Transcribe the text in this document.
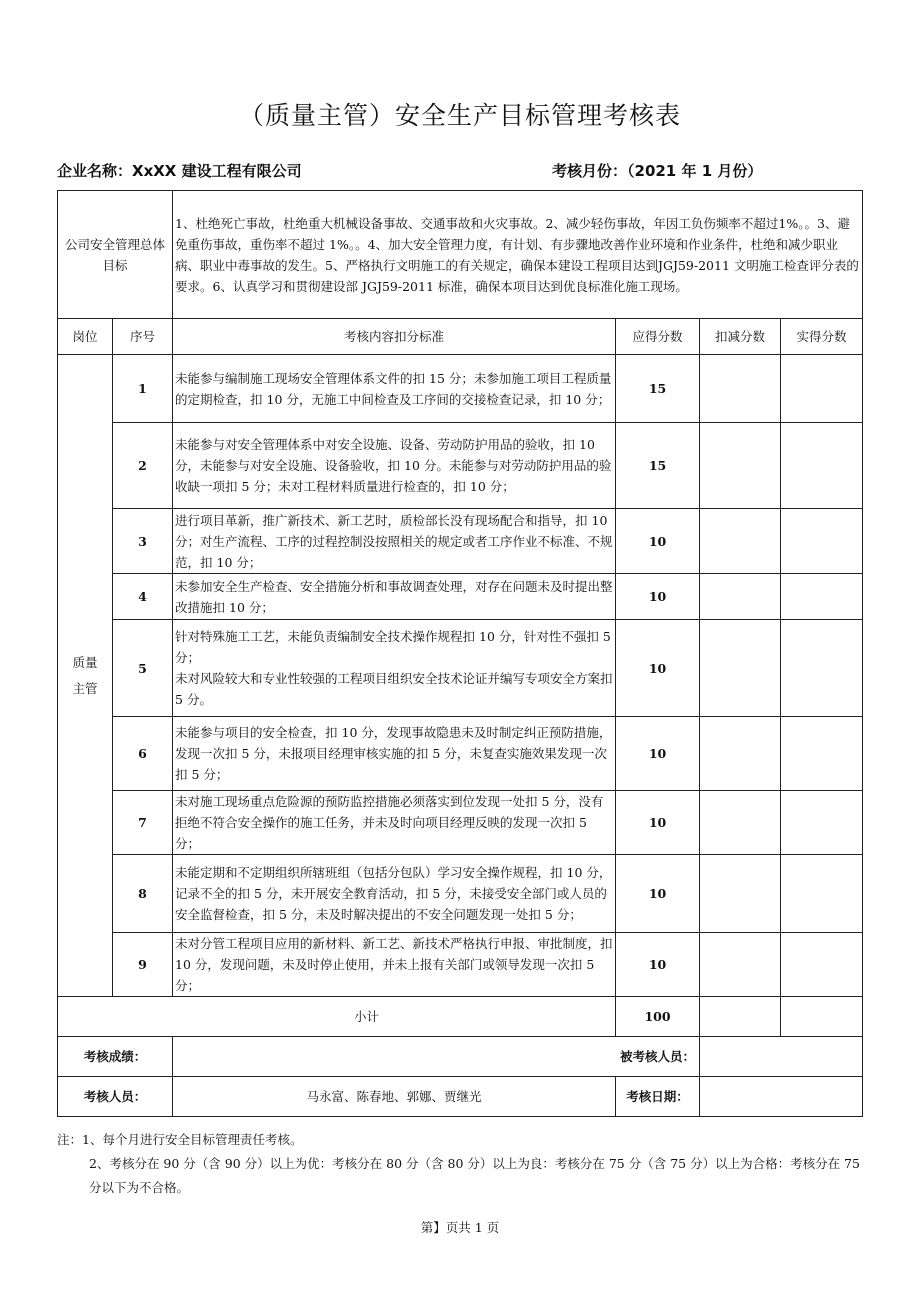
（质量主管）安全生产目标管理考核表
企业名称：XxXX 建设工程有限公司	考核月份：（2021 年 1 月份）
公司安全管理总体目标		1、杜绝死亡事故，杜绝重大机械设备事故、交通事故和火灾事故。2、减少轻伤事故，年因工负伤频率不超过1%。。3、避免重伤事故，重伤率不超过 1%。。4、加大安全管理力度，有计划、有步骤地改善作业环境和作业条件，杜绝和减少职业病、职业中毒事故的发生。5、严格执行文明施工的有关规定，确保本建设工程项目达到JGJ59-2011 文明施工检查评分表的要求。6、认真学习和贯彻建设部 JGJ59-2011 标准，确保本项目达到优良标准化施工现场。			
岗位	序号	考核内容扣分标准	应得分数	扣减分数	实得分数

质量主管	1	未能参与编制施工现场安全管理体系文件的扣 15 分；未参加施工项目工程质量的定期检查，扣 10 分，无施工中间检查及工序间的交接检查记录，扣 10 分；	15		
	2	未能参与对安全管理体系中对安全设施、设备、劳动防护用品的验收，扣 10 分，未能参与对安全设施、设备验收，扣 10 分。未能参与对劳动防护用品的验收缺一项扣 5 分；未对工程材料质量进行检查的，扣 10 分；	15		
	3	进行项目革新，推广新技术、新工艺时，质检部长没有现场配合和指导，扣 10 分；对生产流程、工序的过程控制没按照相关的规定或者工序作业不标准、不规范，扣 10 分；	10		
	4	未参加安全生产检查、安全措施分析和事故调查处理，对存在问题未及时提出整改措施扣 10 分；	10		
	5	针对特殊施工工艺，未能负责编制安全技术操作规程扣 10 分，针对性不强扣 5 分；
未对风险较大和专业性较强的工程项目组织安全技术论证并编写专项安全方案扣 5 分。	10		
	6	未能参与项目的安全检查，扣 10 分，发现事故隐患未及时制定纠正预防措施，发现一次扣 5 分，未报项目经理审核实施的扣 5 分，未复查实施效果发现一次扣 5 分；	10		
	7	未对施工现场重点危险源的预防监控措施必须落实到位发现一处扣 5 分，没有拒绝不符合安全操作的施工任务，并未及时向项目经理反映的发现一次扣 5 分；	10		
	8	未能定期和不定期组织所辖班组（包括分包队）学习安全操作规程，扣 10 分，记录不全的扣 5 分，未开展安全教育活动，扣 5 分，未接受安全部门或人员的安全监督检查，扣 5 分，未及时解决提出的不安全问题发现一处扣 5 分；	10		
	9	未对分管工程项目应用的新材料、新工艺、新技术严格执行申报、审批制度，扣 10 分，发现问题，未及时停止使用，并未上报有关部门或领导发现一次扣 5 分；	10		
小计			100		
考核成绩：		被考核人员：			
考核人员：		马永富、陈春地、郭娜、贾继光	考核日期：		
注：1、每个月进行安全目标管理责任考核。
2、考核分在 90 分（含 90 分）以上为优：考核分在 80 分（含 80 分）以上为良：考核分在 75 分（含 75 分）以上为合格：考核分在 75 分以下为不合格。
第】页共 1 页
